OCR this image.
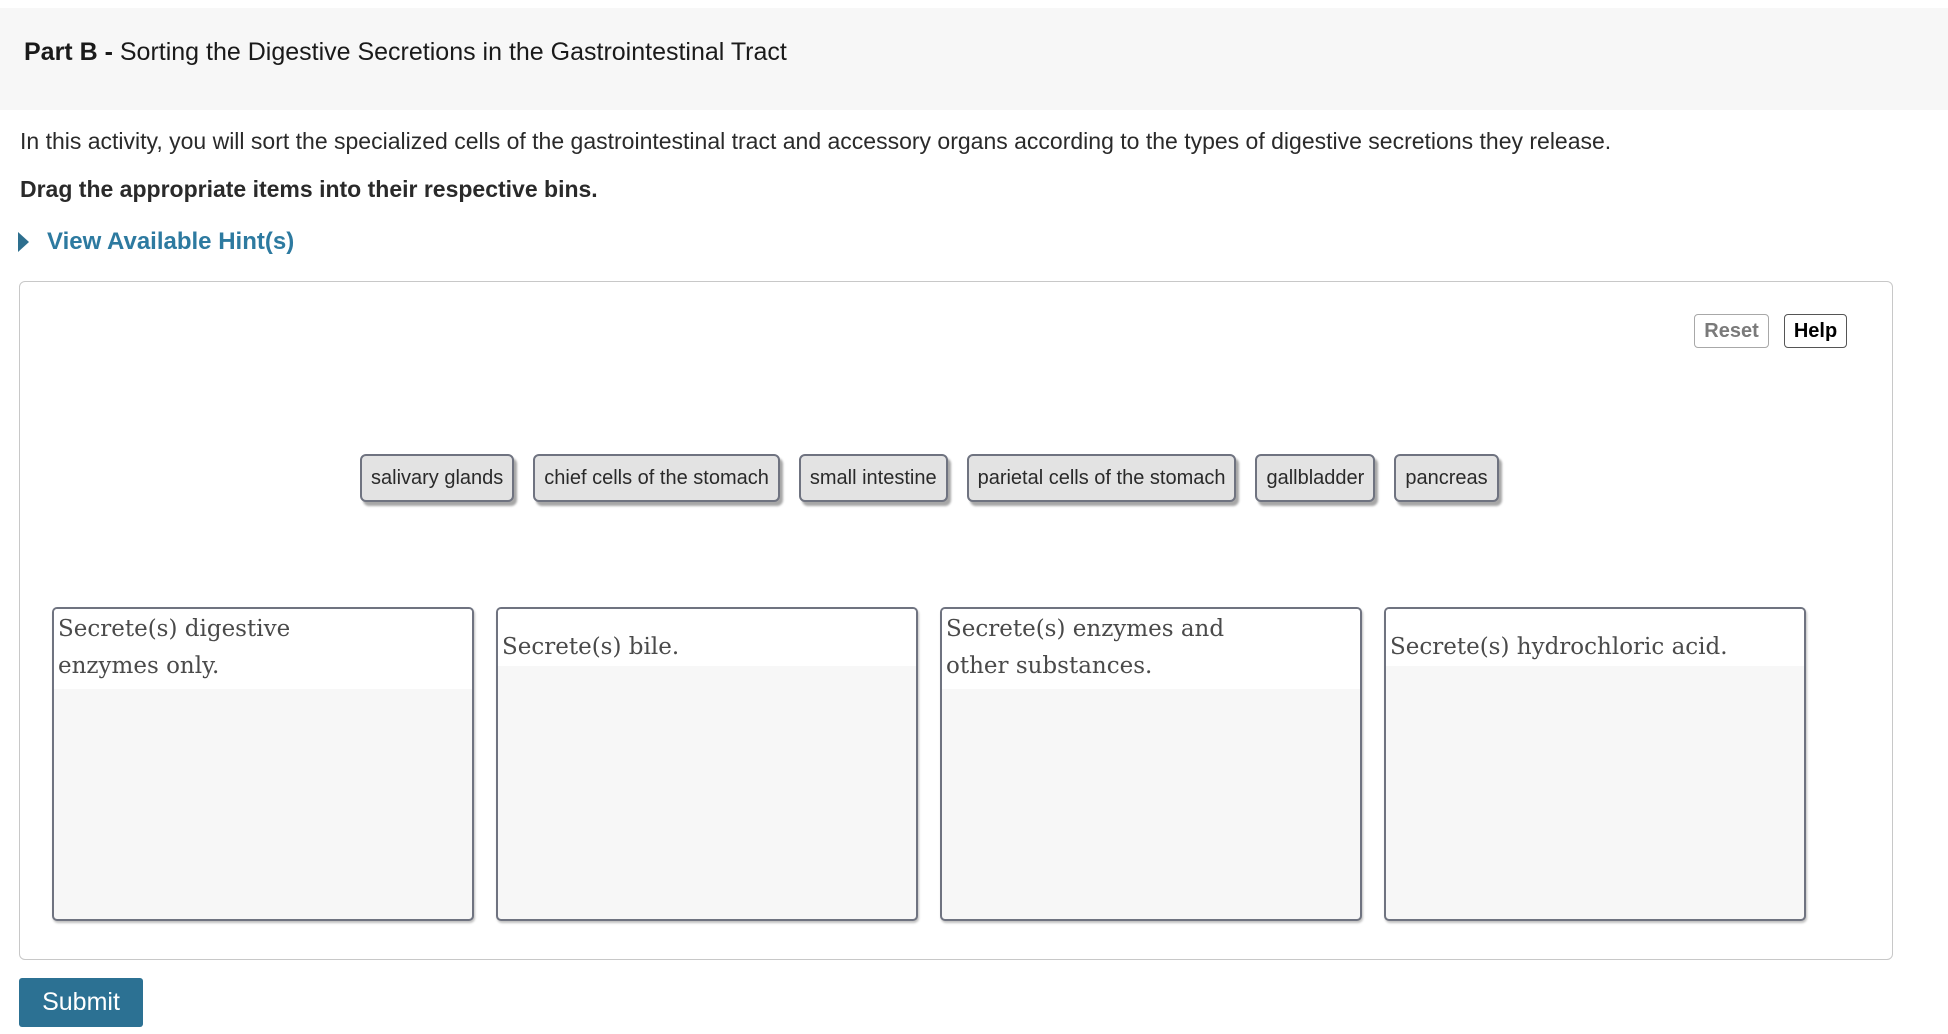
Part B - Sorting the Digestive Secretions in the Gastrointestinal Tract
In this activity, you will sort the specialized cells of the gastrointestinal tract and accessory organs according to the types of digestive secretions they release.
Drag the appropriate items into their respective bins.
View Available Hint(s)
Reset	Help
salivary glands	chief cells of the stomach	small intestine	parietal cells of the stomach	gallbladder	pancreas
Secrete(s) digestive
enzymes only.
Secrete(s) bile.
Secrete(s) enzymes and
other substances.
Secrete(s) hydrochloric acid.
Submit
